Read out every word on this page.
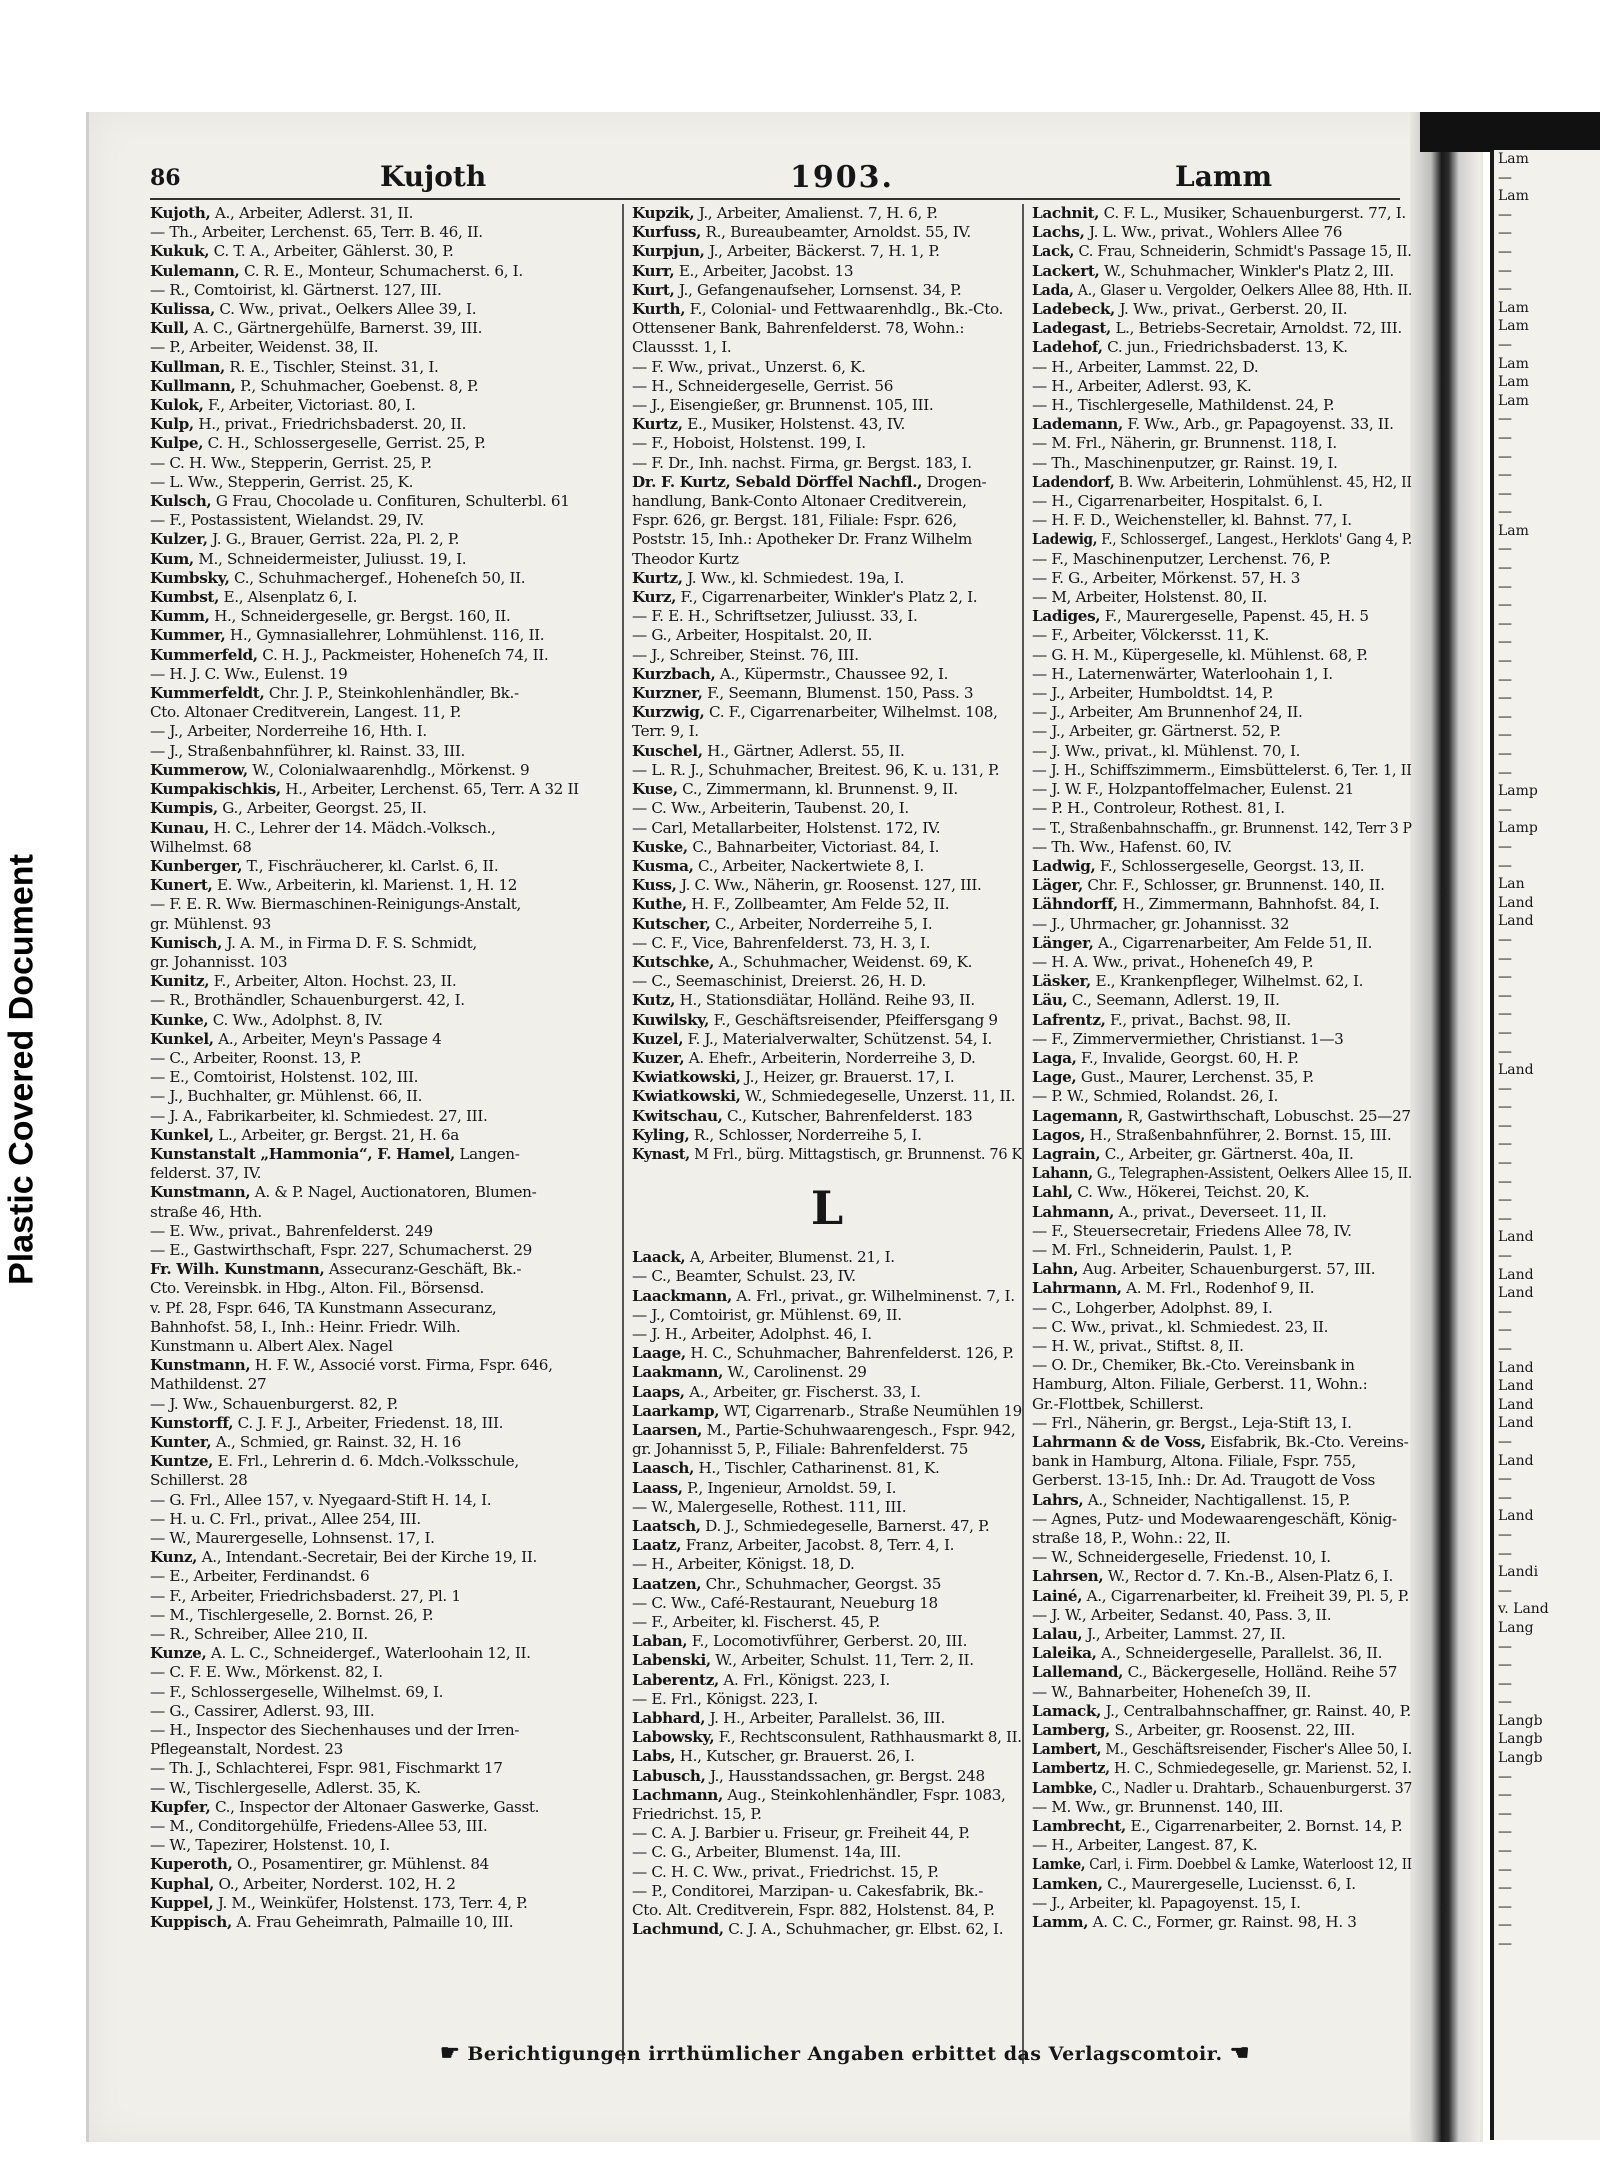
Plastic Covered Document
Lam
—
Lam
—
—
—
—
—
Lam
Lam
—
Lam
Lam
Lam
—
—
—
—
—
—
Lam
—
—
—
—
—
—
—
—
—
—
—
—
—
Lamp
—
Lamp
—
—
Lan
Land
Land
—
—
—
—
—
—
—
Land
—
—
—
—
—
—
—
—
Land
—
Land
Land
—
—
—
Land
Land
Land
Land
—
Land
—
—
Land
—
—
Landi
—
v. Land
Lang
—
—
—
—
Langb
Langb
Langb
—
—
—
—
—
—
—
—
—
—
86	Kujoth	1903.	Lamm
Kujoth, A., Arbeiter, Adlerst. 31, II.
— Th., Arbeiter, Lerchenst. 65, Terr. B. 46, II.
Kukuk, C. T. A., Arbeiter, Gählerst. 30, P.
Kulemann, C. R. E., Monteur, Schumacherst. 6, I.
— R., Comtoirist, kl. Gärtnerst. 127, III.
Kulissa, C. Ww., privat., Oelkers Allee 39, I.
Kull, A. C., Gärtnergehülfe, Barnerst. 39, III.
— P., Arbeiter, Weidenst. 38, II.
Kullman, R. E., Tischler, Steinst. 31, I.
Kullmann, P., Schuhmacher, Goebenst. 8, P.
Kulok, F., Arbeiter, Victoriast. 80, I.
Kulp, H., privat., Friedrichsbaderst. 20, II.
Kulpe, C. H., Schlossergeselle, Gerrist. 25, P.
— C. H. Ww., Stepperin, Gerrist. 25, P.
— L. Ww., Stepperin, Gerrist. 25, K.
Kulsch, G Frau, Chocolade u. Confituren, Schulterbl. 61
— F., Postassistent, Wielandst. 29, IV.
Kulzer, J. G., Brauer, Gerrist. 22a, Pl. 2, P.
Kum, M., Schneidermeister, Juliusst. 19, I.
Kumbsky, C., Schuhmachergef., Hoheneſch 50, II.
Kumbst, E., Alsenplatz 6, I.
Kumm, H., Schneidergeselle, gr. Bergst. 160, II.
Kummer, H., Gymnasiallehrer, Lohmühlenst. 116, II.
Kummerfeld, C. H. J., Packmeister, Hoheneſch 74, II.
— H. J. C. Ww., Eulenst. 19
Kummerfeldt, Chr. J. P., Steinkohlenhändler, Bk.-
Cto. Altonaer Creditverein, Langest. 11, P.
— J., Arbeiter, Norderreihe 16, Hth. I.
— J., Straßenbahnführer, kl. Rainst. 33, III.
Kummerow, W., Colonialwaarenhdlg., Mörkenst. 9
Kumpakischkis, H., Arbeiter, Lerchenst. 65, Terr. A 32 II
Kumpis, G., Arbeiter, Georgst. 25, II.
Kunau, H. C., Lehrer der 14. Mädch.-Volksch.,
Wilhelmst. 68
Kunberger, T., Fischräucherer, kl. Carlst. 6, II.
Kunert, E. Ww., Arbeiterin, kl. Marienst. 1, H. 12
— F. E. R. Ww. Biermaschinen-Reinigungs-Anstalt,
gr. Mühlenst. 93
Kunisch, J. A. M., in Firma D. F. S. Schmidt,
gr. Johannisst. 103
Kunitz, F., Arbeiter, Alton. Hochst. 23, II.
— R., Brothändler, Schauenburgerst. 42, I.
Kunke, C. Ww., Adolphst. 8, IV.
Kunkel, A., Arbeiter, Meyn's Passage 4
— C., Arbeiter, Roonst. 13, P.
— E., Comtoirist, Holstenst. 102, III.
— J., Buchhalter, gr. Mühlenst. 66, II.
— J. A., Fabrikarbeiter, kl. Schmiedest. 27, III.
Kunkel, L., Arbeiter, gr. Bergst. 21, H. 6a
Kunstanstalt „Hammonia“, F. Hamel, Langen-
felderst. 37, IV.
Kunstmann, A. & P. Nagel, Auctionatoren, Blumen-
straße 46, Hth.
— E. Ww., privat., Bahrenfelderst. 249
— E., Gastwirthschaft, Fspr. 227, Schumacherst. 29
Fr. Wilh. Kunstmann, Assecuranz-Geschäft, Bk.-
Cto. Vereinsbk. in Hbg., Alton. Fil., Börsensd.
v. Pf. 28, Fspr. 646, TA Kunstmann Assecuranz,
Bahnhofst. 58, I., Inh.: Heinr. Friedr. Wilh.
Kunstmann u. Albert Alex. Nagel
Kunstmann, H. F. W., Associé vorst. Firma, Fspr. 646,
Mathildenst. 27
— J. Ww., Schauenburgerst. 82, P.
Kunstorff, C. J. F. J., Arbeiter, Friedenst. 18, III.
Kunter, A., Schmied, gr. Rainst. 32, H. 16
Kuntze, E. Frl., Lehrerin d. 6. Mdch.-Volksschule,
Schillerst. 28
— G. Frl., Allee 157, v. Nyegaard-Stift H. 14, I.
— H. u. C. Frl., privat., Allee 254, III.
— W., Maurergeselle, Lohnsenst. 17, I.
Kunz, A., Intendant.-Secretair, Bei der Kirche 19, II.
— E., Arbeiter, Ferdinandst. 6
— F., Arbeiter, Friedrichsbaderst. 27, Pl. 1
— M., Tischlergeselle, 2. Bornst. 26, P.
— R., Schreiber, Allee 210, II.
Kunze, A. L. C., Schneidergef., Waterloohain 12, II.
— C. F. E. Ww., Mörkenst. 82, I.
— F., Schlossergeselle, Wilhelmst. 69, I.
— G., Cassirer, Adlerst. 93, III.
— H., Inspector des Siechenhauses und der Irren-
Pflegeanstalt, Nordest. 23
— Th. J., Schlachterei, Fspr. 981, Fischmarkt 17
— W., Tischlergeselle, Adlerst. 35, K.
Kupfer, C., Inspector der Altonaer Gaswerke, Gasst.
— M., Conditorgehülfe, Friedens-Allee 53, III.
— W., Tapezirer, Holstenst. 10, I.
Kuperoth, O., Posamentirer, gr. Mühlenst. 84
Kuphal, O., Arbeiter, Norderst. 102, H. 2
Kuppel, J. M., Weinküfer, Holstenst. 173, Terr. 4, P.
Kuppisch, A. Frau Geheimrath, Palmaille 10, III.
Kupzik, J., Arbeiter, Amalienst. 7, H. 6, P.
Kurfuss, R., Bureaubeamter, Arnoldst. 55, IV.
Kurpjun, J., Arbeiter, Bäckerst. 7, H. 1, P.
Kurr, E., Arbeiter, Jacobst. 13
Kurt, J., Gefangenaufseher, Lornsenst. 34, P.
Kurth, F., Colonial- und Fettwaarenhdlg., Bk.-Cto.
Ottensener Bank, Bahrenfelderst. 78, Wohn.:
Claussst. 1, I.
— F. Ww., privat., Unzerst. 6, K.
— H., Schneidergeselle, Gerrist. 56
— J., Eisengießer, gr. Brunnenst. 105, III.
Kurtz, E., Musiker, Holstenst. 43, IV.
— F., Hoboist, Holstenst. 199, I.
— F. Dr., Inh. nachst. Firma, gr. Bergst. 183, I.
Dr. F. Kurtz, Sebald Dörffel Nachfl., Drogen-
handlung, Bank-Conto Altonaer Creditverein,
Fspr. 626, gr. Bergst. 181, Filiale: Fspr. 626,
Poststr. 15, Inh.: Apotheker Dr. Franz Wilhelm
Theodor Kurtz
Kurtz, J. Ww., kl. Schmiedest. 19a, I.
Kurz, F., Cigarrenarbeiter, Winkler's Platz 2, I.
— F. E. H., Schriftsetzer, Juliusst. 33, I.
— G., Arbeiter, Hospitalst. 20, II.
— J., Schreiber, Steinst. 76, III.
Kurzbach, A., Küpermstr., Chaussee 92, I.
Kurzner, F., Seemann, Blumenst. 150, Pass. 3
Kurzwig, C. F., Cigarrenarbeiter, Wilhelmst. 108,
Terr. 9, I.
Kuschel, H., Gärtner, Adlerst. 55, II.
— L. R. J., Schuhmacher, Breitest. 96, K. u. 131, P.
Kuse, C., Zimmermann, kl. Brunnenst. 9, II.
— C. Ww., Arbeiterin, Taubenst. 20, I.
— Carl, Metallarbeiter, Holstenst. 172, IV.
Kuske, C., Bahnarbeiter, Victoriast. 84, I.
Kusma, C., Arbeiter, Nackertwiete 8, I.
Kuss, J. C. Ww., Näherin, gr. Roosenst. 127, III.
Kuthe, H. F., Zollbeamter, Am Felde 52, II.
Kutscher, C., Arbeiter, Norderreihe 5, I.
— C. F., Vice, Bahrenfelderst. 73, H. 3, I.
Kutschke, A., Schuhmacher, Weidenst. 69, K.
— C., Seemaschinist, Dreierst. 26, H. D.
Kutz, H., Stationsdiätar, Holländ. Reihe 93, II.
Kuwilsky, F., Geschäftsreisender, Pfeiffersgang 9
Kuzel, F. J., Materialverwalter, Schützenst. 54, I.
Kuzer, A. Ehefr., Arbeiterin, Norderreihe 3, D.
Kwiatkowski, J., Heizer, gr. Brauerst. 17, I.
Kwiatkowski, W., Schmiedegeselle, Unzerst. 11, II.
Kwitschau, C., Kutscher, Bahrenfelderst. 183
Kyling, R., Schlosser, Norderreihe 5, I.
Kynast, M Frl., bürg. Mittagstisch, gr. Brunnenst. 76 K
L
Laack, A, Arbeiter, Blumenst. 21, I.
— C., Beamter, Schulst. 23, IV.
Laackmann, A. Frl., privat., gr. Wilhelminenst. 7, I.
— J., Comtoirist, gr. Mühlenst. 69, II.
— J. H., Arbeiter, Adolphst. 46, I.
Laage, H. C., Schuhmacher, Bahrenfelderst. 126, P.
Laakmann, W., Carolinenst. 29
Laaps, A., Arbeiter, gr. Fischerst. 33, I.
Laarkamp, WT, Cigarrenarb., Straße Neumühlen 19
Laarsen, M., Partie-Schuhwaarengesch., Fspr. 942,
gr. Johannisst 5, P., Filiale: Bahrenfelderst. 75
Laasch, H., Tischler, Catharinenst. 81, K.
Laass, P., Ingenieur, Arnoldst. 59, I.
— W., Malergeselle, Rothest. 111, III.
Laatsch, D. J., Schmiedegeselle, Barnerst. 47, P.
Laatz, Franz, Arbeiter, Jacobst. 8, Terr. 4, I.
— H., Arbeiter, Königst. 18, D.
Laatzen, Chr., Schuhmacher, Georgst. 35
— C. Ww., Café-Restaurant, Neueburg 18
— F., Arbeiter, kl. Fischerst. 45, P.
Laban, F., Locomotivführer, Gerberst. 20, III.
Labenski, W., Arbeiter, Schulst. 11, Terr. 2, II.
Laberentz, A. Frl., Königst. 223, I.
— E. Frl., Königst. 223, I.
Labhard, J. H., Arbeiter, Parallelst. 36, III.
Labowsky, F., Rechtsconsulent, Rathhausmarkt 8, II.
Labs, H., Kutscher, gr. Brauerst. 26, I.
Labusch, J., Hausstandssachen, gr. Bergst. 248
Lachmann, Aug., Steinkohlenhändler, Fspr. 1083,
Friedrichst. 15, P.
— C. A. J. Barbier u. Friseur, gr. Freiheit 44, P.
— C. G., Arbeiter, Blumenst. 14a, III.
— C. H. C. Ww., privat., Friedrichst. 15, P.
— P., Conditorei, Marzipan- u. Cakesfabrik, Bk.-
Cto. Alt. Creditverein, Fspr. 882, Holstenst. 84, P.
Lachmund, C. J. A., Schuhmacher, gr. Elbst. 62, I.
Lachnit, C. F. L., Musiker, Schauenburgerst. 77, I.
Lachs, J. L. Ww., privat., Wohlers Allee 76
Lack, C. Frau, Schneiderin, Schmidt's Passage 15, II.
Lackert, W., Schuhmacher, Winkler's Platz 2, III.
Lada, A., Glaser u. Vergolder, Oelkers Allee 88, Hth. II.
Ladebeck, J. Ww., privat., Gerberst. 20, II.
Ladegast, L., Betriebs-Secretair, Arnoldst. 72, III.
Ladehof, C. jun., Friedrichsbaderst. 13, K.
— H., Arbeiter, Lammst. 22, D.
— H., Arbeiter, Adlerst. 93, K.
— H., Tischlergeselle, Mathildenst. 24, P.
Lademann, F. Ww., Arb., gr. Papagoyenst. 33, II.
— M. Frl., Näherin, gr. Brunnenst. 118, I.
— Th., Maschinenputzer, gr. Rainst. 19, I.
Ladendorf, B. Ww. Arbeiterin, Lohmühlenst. 45, H2, II
— H., Cigarrenarbeiter, Hospitalst. 6, I.
— H. F. D., Weichensteller, kl. Bahnst. 77, I.
Ladewig, F., Schlossergef., Langest., Herklots' Gang 4, P.
— F., Maschinenputzer, Lerchenst. 76, P.
— F. G., Arbeiter, Mörkenst. 57, H. 3
— M, Arbeiter, Holstenst. 80, II.
Ladiges, F., Maurergeselle, Papenst. 45, H. 5
— F., Arbeiter, Völckersst. 11, K.
— G. H. M., Küpergeselle, kl. Mühlenst. 68, P.
— H., Laternenwärter, Waterloohain 1, I.
— J., Arbeiter, Humboldtst. 14, P.
— J., Arbeiter, Am Brunnenhof 24, II.
— J., Arbeiter, gr. Gärtnerst. 52, P.
— J. Ww., privat., kl. Mühlenst. 70, I.
— J. H., Schiffszimmerm., Eimsbüttelerst. 6, Ter. 1, II
— J. W. F., Holzpantoffelmacher, Eulenst. 21
— P. H., Controleur, Rothest. 81, I.
— T., Straßenbahnschaffn., gr. Brunnenst. 142, Terr 3 P
— Th. Ww., Hafenst. 60, IV.
Ladwig, F., Schlossergeselle, Georgst. 13, II.
Läger, Chr. F., Schlosser, gr. Brunnenst. 140, II.
Lähndorff, H., Zimmermann, Bahnhofst. 84, I.
— J., Uhrmacher, gr. Johannisst. 32
Länger, A., Cigarrenarbeiter, Am Felde 51, II.
— H. A. Ww., privat., Hoheneſch 49, P.
Läsker, E., Krankenpfleger, Wilhelmst. 62, I.
Läu, C., Seemann, Adlerst. 19, II.
Lafrentz, F., privat., Bachst. 98, II.
— F., Zimmervermiether, Christianst. 1—3
Laga, F., Invalide, Georgst. 60, H. P.
Lage, Gust., Maurer, Lerchenst. 35, P.
— P. W., Schmied, Rolandst. 26, I.
Lagemann, R, Gastwirthschaft, Lobuschst. 25—27
Lagos, H., Straßenbahnführer, 2. Bornst. 15, III.
Lagrain, C., Arbeiter, gr. Gärtnerst. 40a, II.
Lahann, G., Telegraphen-Assistent, Oelkers Allee 15, II.
Lahl, C. Ww., Hökerei, Teichst. 20, K.
Lahmann, A., privat., Deverseet. 11, II.
— F., Steuersecretair, Friedens Allee 78, IV.
— M. Frl., Schneiderin, Paulst. 1, P.
Lahn, Aug. Arbeiter, Schauenburgerst. 57, III.
Lahrmann, A. M. Frl., Rodenhof 9, II.
— C., Lohgerber, Adolphst. 89, I.
— C. Ww., privat., kl. Schmiedest. 23, II.
— H. W., privat., Stiftst. 8, II.
— O. Dr., Chemiker, Bk.-Cto. Vereinsbank in
Hamburg, Alton. Filiale, Gerberst. 11, Wohn.:
Gr.-Flottbek, Schillerst.
— Frl., Näherin, gr. Bergst., Leja-Stift 13, I.
Lahrmann & de Voss, Eisfabrik, Bk.-Cto. Vereins-
bank in Hamburg, Altona. Filiale, Fspr. 755,
Gerberst. 13-15, Inh.: Dr. Ad. Traugott de Voss
Lahrs, A., Schneider, Nachtigallenst. 15, P.
— Agnes, Putz- und Modewaarengeschäft, König-
straße 18, P., Wohn.: 22, II.
— W., Schneidergeselle, Friedenst. 10, I.
Lahrsen, W., Rector d. 7. Kn.-B., Alsen-Platz 6, I.
Lainé, A., Cigarrenarbeiter, kl. Freiheit 39, Pl. 5, P.
— J. W., Arbeiter, Sedanst. 40, Pass. 3, II.
Lalau, J., Arbeiter, Lammst. 27, II.
Laleika, A., Schneidergeselle, Parallelst. 36, II.
Lallemand, C., Bäckergeselle, Holländ. Reihe 57
— W., Bahnarbeiter, Hoheneſch 39, II.
Lamack, J., Centralbahnschaffner, gr. Rainst. 40, P.
Lamberg, S., Arbeiter, gr. Roosenst. 22, III.
Lambert, M., Geschäftsreisender, Fischer's Allee 50, I.
Lambertz, H. C., Schmiedegeselle, gr. Marienst. 52, I.
Lambke, C., Nadler u. Drahtarb., Schauenburgerst. 37
— M. Ww., gr. Brunnenst. 140, III.
Lambrecht, E., Cigarrenarbeiter, 2. Bornst. 14, P.
— H., Arbeiter, Langest. 87, K.
Lamke, Carl, i. Firm. Doebbel & Lamke, Waterloost 12, II
Lamken, C., Maurergeselle, Luciensst. 6, I.
— J., Arbeiter, kl. Papagoyenst. 15, I.
Lamm, A. C. C., Former, gr. Rainst. 98, H. 3
☛ Berichtigungen irrthümlicher Angaben erbittet das Verlagscomtoir. ☚
